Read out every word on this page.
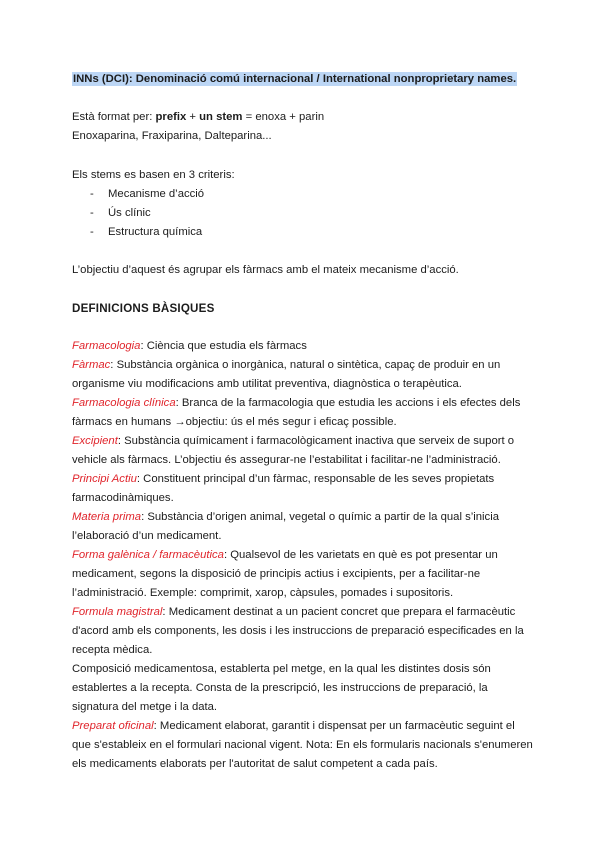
INNs (DCI): Denominació comú internacional / International nonproprietary names.
Està format per: prefix + un stem = enoxa + parin
Enoxaparina, Fraxiparina, Dalteparina...
Els stems es basen en 3 criteris:
- Mecanisme d’acció
- Ús clínic
- Estructura química
L’objectiu d’aquest és agrupar els fàrmacs amb el mateix mecanisme d’acció.
DEFINICIONS BÀSIQUES
Farmacologia: Ciència que estudia els fàrmacs
Fàrmac: Substància orgànica o inorgànica, natural o sintètica, capaç de produir en un
organisme viu modificacions amb utilitat preventiva, diagnòstica o terapèutica.
Farmacologia clínica: Branca de la farmacologia que estudia les accions i els efectes dels
fàrmacs en humans →objectiu: ús el més segur i eficaç possible.
Excipient: Substància químicament i farmacològicament inactiva que serveix de suport o
vehicle als fàrmacs. L’objectiu és assegurar-ne l’estabilitat i facilitar-ne l’administració.
Principi Actiu: Constituent principal d’un fàrmac, responsable de les seves propietats
farmacodinàmiques.
Materia prima: Substància d’origen animal, vegetal o químic a partir de la qual s’inicia
l’elaboració d’un medicament.
Forma galènica / farmacèutica: Qualsevol de les varietats en què es pot presentar un
medicament, segons la disposició de principis actius i excipients, per a facilitar-ne
l’administració. Exemple: comprimit, xarop, càpsules, pomades i supositoris.
Formula magistral: Medicament destinat a un pacient concret que prepara el farmacèutic
d'acord amb els components, les dosis i les instruccions de preparació especificades en la
recepta mèdica.
Composició medicamentosa, establerta pel metge, en la qual les distintes dosis són
establertes a la recepta. Consta de la prescripció, les instruccions de preparació, la
signatura del metge i la data.
Preparat oficinal: Medicament elaborat, garantit i dispensat per un farmacèutic seguint el
que s'estableix en el formulari nacional vigent. Nota: En els formularis nacionals s'enumeren
els medicaments elaborats per l'autoritat de salut competent a cada país.
